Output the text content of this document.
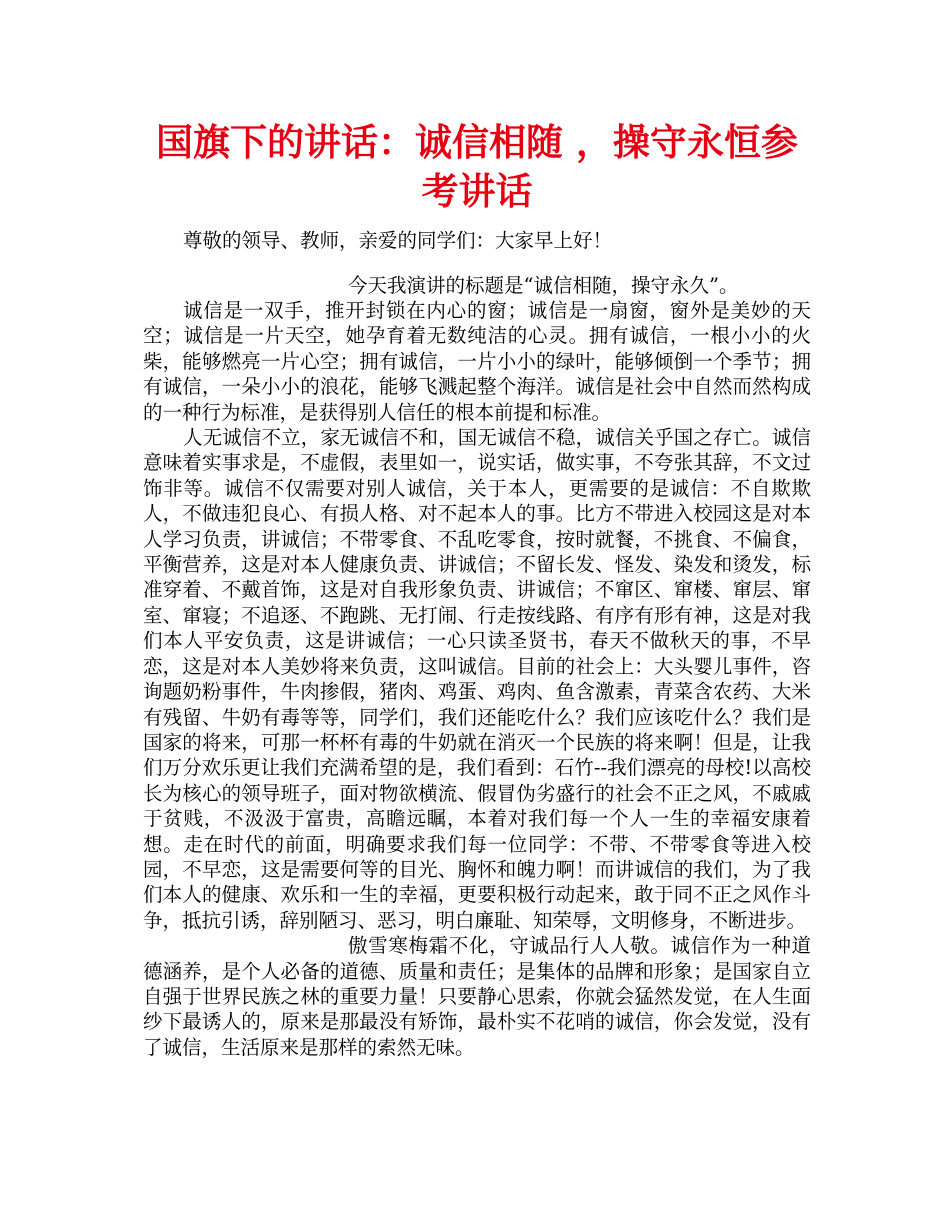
国旗下的讲话：诚信相随 ，操守永恒参考讲话

尊敬的领导、教师，亲爱的同学们：大家早上好！

今天我演讲的标题是“诚信相随，操守永久”。

诚信是一双手，推开封锁在内心的窗；诚信是一扇窗，窗外是美妙的天空；诚信是一片天空，她孕育着无数纯洁的心灵。拥有诚信，一根小小的火柴，能够燃亮一片心空；拥有诚信，一片小小的绿叶，能够倾倒一个季节；拥有诚信，一朵小小的浪花，能够飞溅起整个海洋。诚信是社会中自然而然构成的一种行为标准，是获得别人信任的根本前提和标准。

人无诚信不立，家无诚信不和，国无诚信不稳，诚信关乎国之存亡。诚信意味着实事求是，不虚假，表里如一，说实话，做实事，不夸张其辞，不文过饰非等。诚信不仅需要对别人诚信，关于本人，更需要的是诚信：不自欺欺人，不做违犯良心、有损人格、对不起本人的事。比方不带进入校园这是对本人学习负责，讲诚信；不带零食、不乱吃零食，按时就餐，不挑食、不偏食，平衡营养，这是对本人健康负责、讲诚信；不留长发、怪发、染发和烫发，标准穿着、不戴首饰，这是对自我形象负责、讲诚信；不窜区、窜楼、窜层、窜室、窜寝；不追逐、不跑跳、无打闹、行走按线路、有序有形有神，这是对我们本人平安负责，这是讲诚信；一心只读圣贤书，春天不做秋天的事，不早恋，这是对本人美妙将来负责，这叫诚信。目前的社会上：大头婴儿事件，咨询题奶粉事件，牛肉掺假，猪肉、鸡蛋、鸡肉、鱼含激素，青菜含农药、大米有残留、牛奶有毒等等，同学们，我们还能吃什么？我们应该吃什么？我们是国家的将来，可那一杯杯有毒的牛奶就在消灭一个民族的将来啊！但是，让我们万分欢乐更让我们充满希望的是，我们看到：石竹--我们漂亮的母校!以高校长为核心的领导班子，面对物欲横流、假冒伪劣盛行的社会不正之风，不戚戚于贫贱，不汲汲于富贵，高瞻远瞩，本着对我们每一个人一生的幸福安康着想。走在时代的前面，明确要求我们每一位同学：不带、不带零食等进入校园，不早恋，这是需要何等的目光、胸怀和魄力啊！而讲诚信的我们，为了我们本人的健康、欢乐和一生的幸福，更要积极行动起来，敢于同不正之风作斗争，抵抗引诱，辞别陋习、恶习，明白廉耻、知荣辱，文明修身，不断进步。

傲雪寒梅霜不化，守诚品行人人敬。诚信作为一种道德涵养，是个人必备的道德、质量和责任；是集体的品牌和形象；是国家自立自强于世界民族之林的重要力量！只要静心思索，你就会猛然发觉，在人生面纱下最诱人的，原来是那最没有矫饰，最朴实不花哨的诚信，你会发觉，没有了诚信，生活原来是那样的索然无味。
